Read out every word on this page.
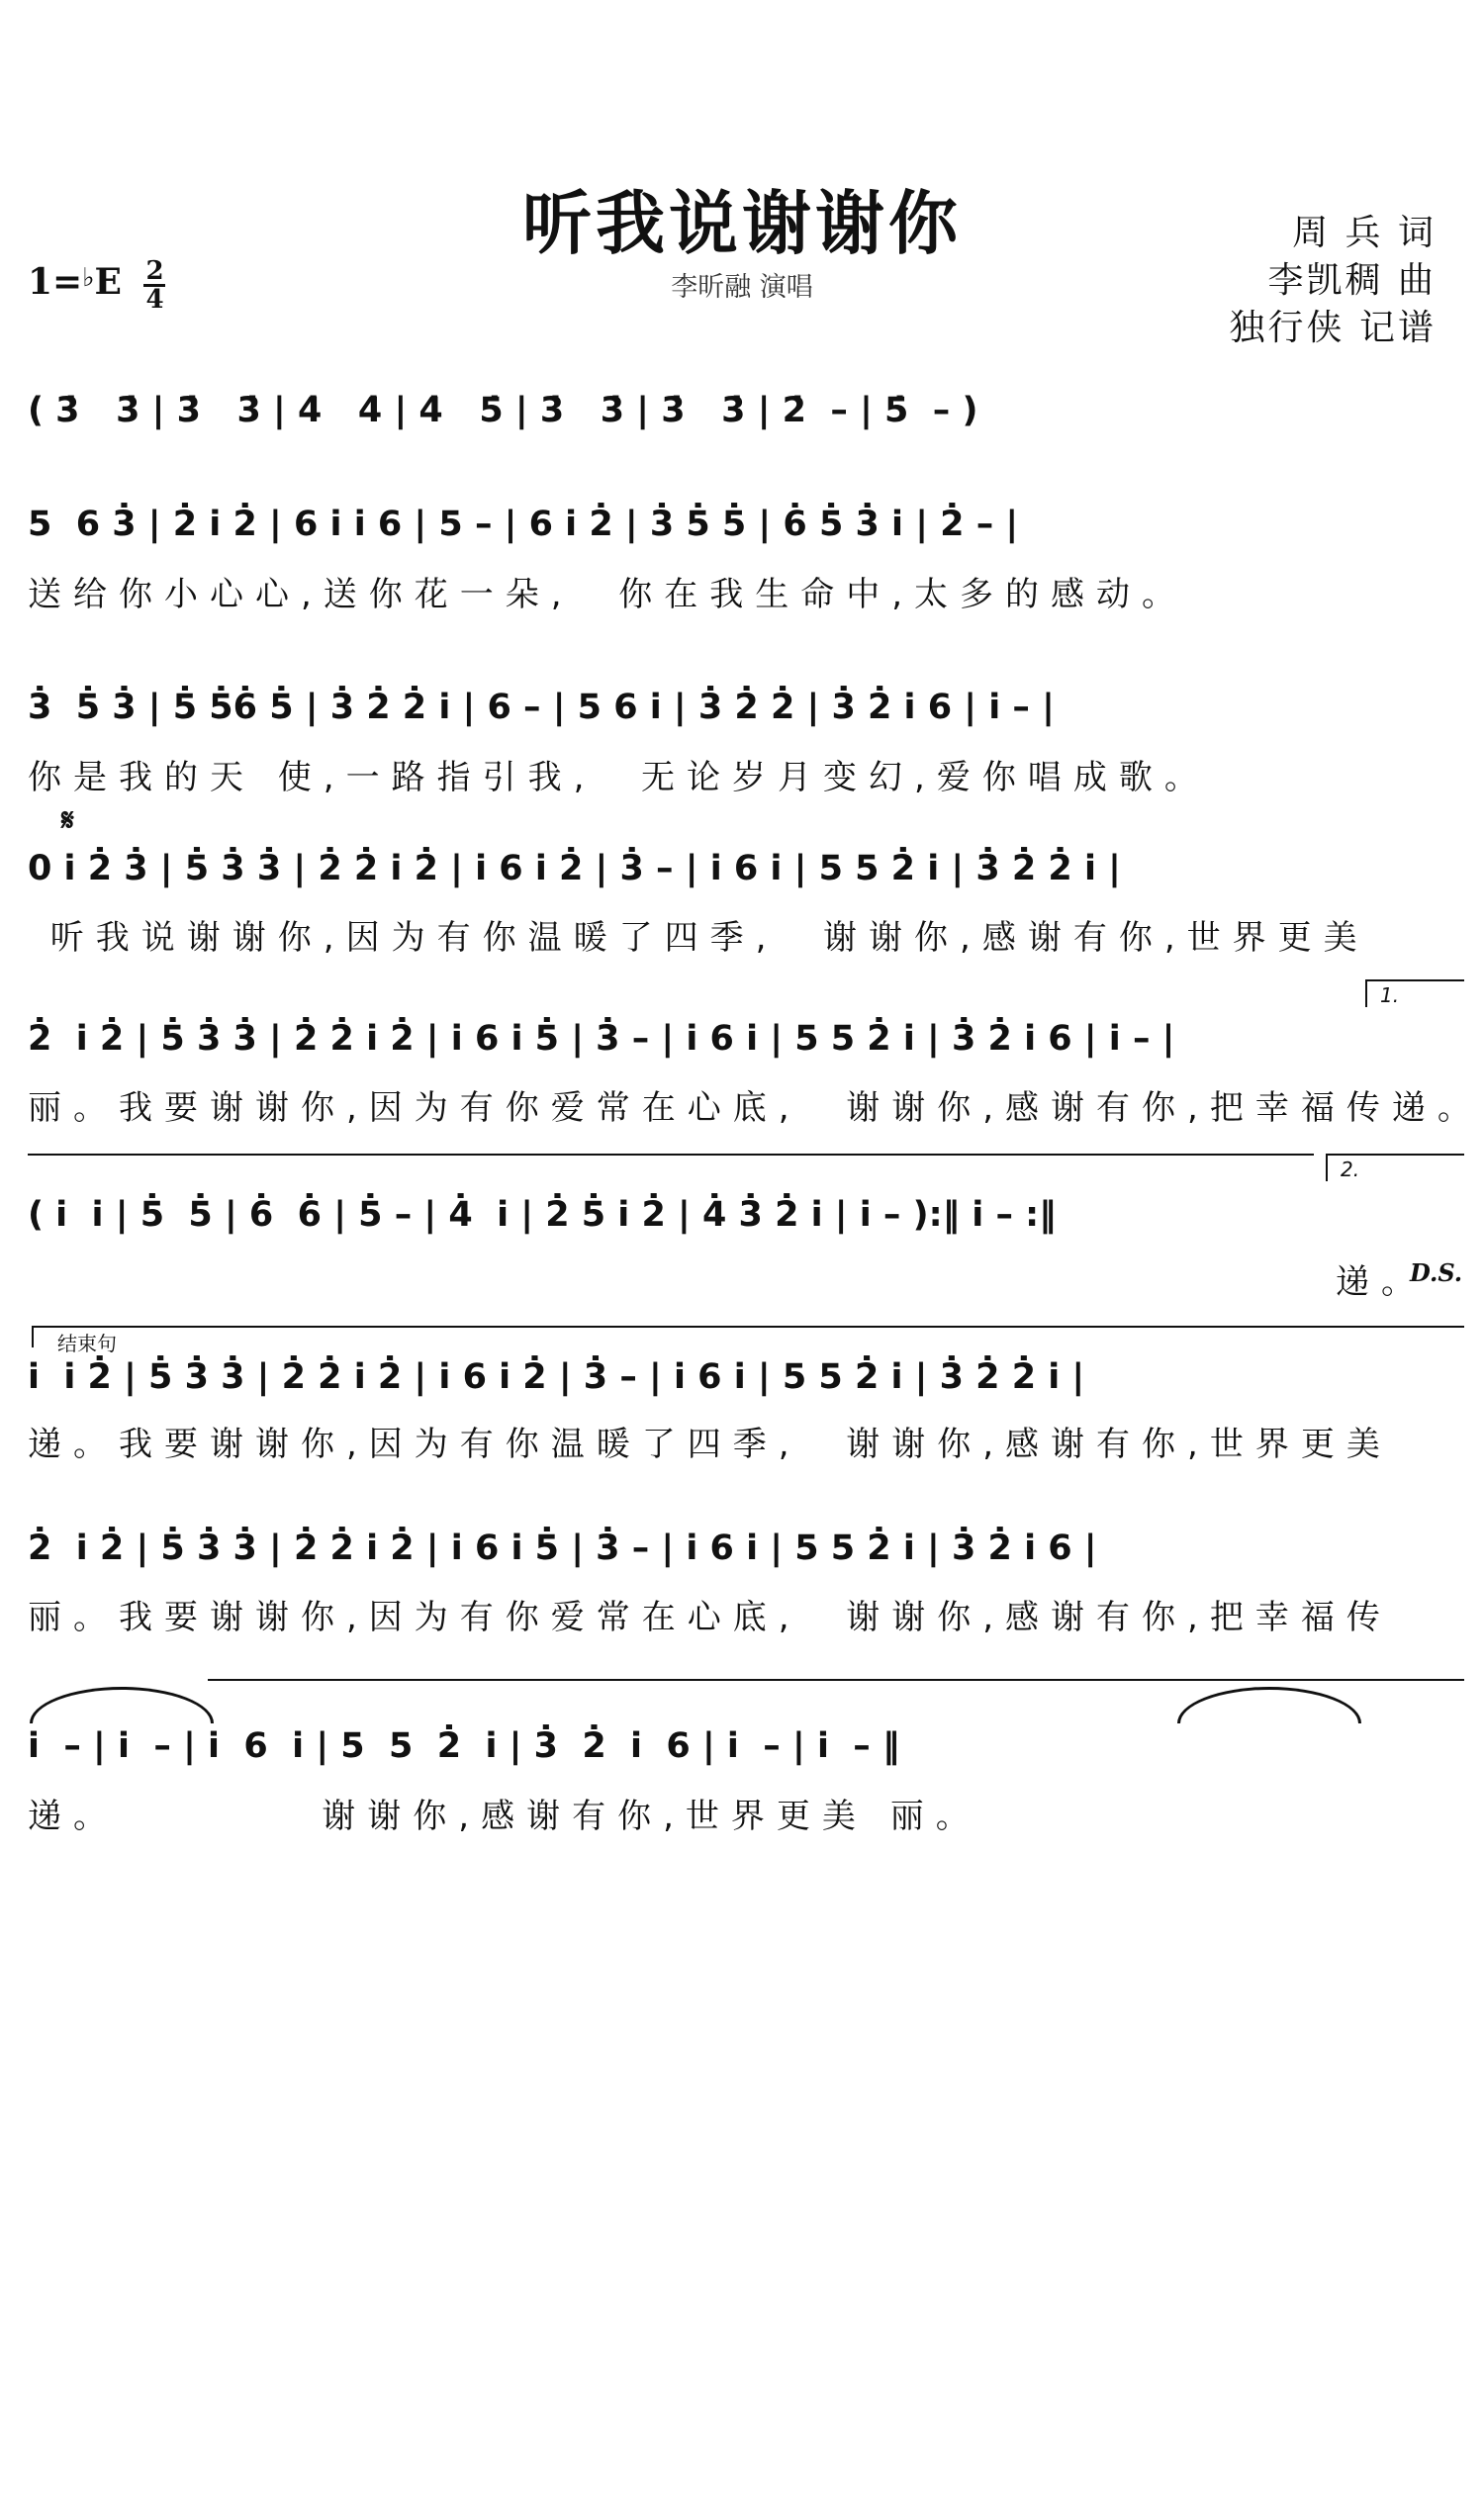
听我说谢谢你
李昕融 演唱
$1=^♭E \frac{2}{4}$
周 兵 词
李凯稠 曲
独行侠 记谱
( 3̇   3̇ | 3̇   3̇ | 4̇   4̇ | 4̇   5̇ | 3̇   3̇ | 3̇   3̇ | 2̇  – | 5̇  – )
5  6 3̇ | 2̇ i̇ 2̇ | 6 i̇ i̇ 6 | 5 – | 6 i̇ 2̇ | 3̇ 5̇ 5̇ | 6̇ 5̇ 3̇ i̇ | 2̇ – |
送给你小心心,送你花一朵,  你在我生命中,太多的感动。
3̇  5̇ 3̇ | 5̇ 5̇6̇ 5̇ | 3̇ 2̇ 2̇ i̇ | 6 – | 5 6 i̇ | 3̇ 2̇ 2̇ | 3̇ 2̇ i̇ 6 | i̇ – |
你是我的天 使,一路指引我,  无论岁月变幻,爱你唱成歌。
𝄋
0 i̇ 2̇ 3̇ | 5̇ 3̇ 3̇ | 2̇ 2̇ i̇ 2̇ | i̇ 6 i̇ 2̇ | 3̇ – | i̇ 6 i̇ | 5 5 2̇ i̇ | 3̇ 2̇ 2̇ i̇ |
听我说谢谢你,因为有你温暖了四季,  谢谢你,感谢有你,世界更美
1.
2̇  i̇ 2̇ | 5̇ 3̇ 3̇ | 2̇ 2̇ i̇ 2̇ | i̇ 6 i̇ 5̇ | 3̇ – | i̇ 6 i̇ | 5 5 2̇ i̇ | 3̇ 2̇ i̇ 6 | i̇ – |
丽。我要谢谢你,因为有你爱常在心底,  谢谢你,感谢有你,把幸福传递。
2.
( i̇  i̇ | 5̇  5̇ | 6̇  6̇ | 5̇ – | 4̇  i̇ | 2̇ 5̇ i̇ 2̇ | 4̇ 3̇ 2̇ i̇ | i̇ – ):‖ i̇ – :‖
递。
D.S.
结束句
i̇  i̇ 2̇ | 5̇ 3̇ 3̇ | 2̇ 2̇ i̇ 2̇ | i̇ 6 i̇ 2̇ | 3̇ – | i̇ 6 i̇ | 5 5 2̇ i̇ | 3̇ 2̇ 2̇ i̇ |
递。我要谢谢你,因为有你温暖了四季,  谢谢你,感谢有你,世界更美
2̇  i̇ 2̇ | 5̇ 3̇ 3̇ | 2̇ 2̇ i̇ 2̇ | i̇ 6 i̇ 5̇ | 3̇ – | i̇ 6 i̇ | 5 5 2̇ i̇ | 3̇ 2̇ i̇ 6 |
丽。我要谢谢你,因为有你爱常在心底,  谢谢你,感谢有你,把幸福传
i̇  – | i̇  – | i̇  6  i̇ | 5  5  2̇  i̇ | 3̇  2̇  i̇  6 | i̇  – | i̇  – ‖
递。         谢谢你,感谢有你,世界更美 丽。
